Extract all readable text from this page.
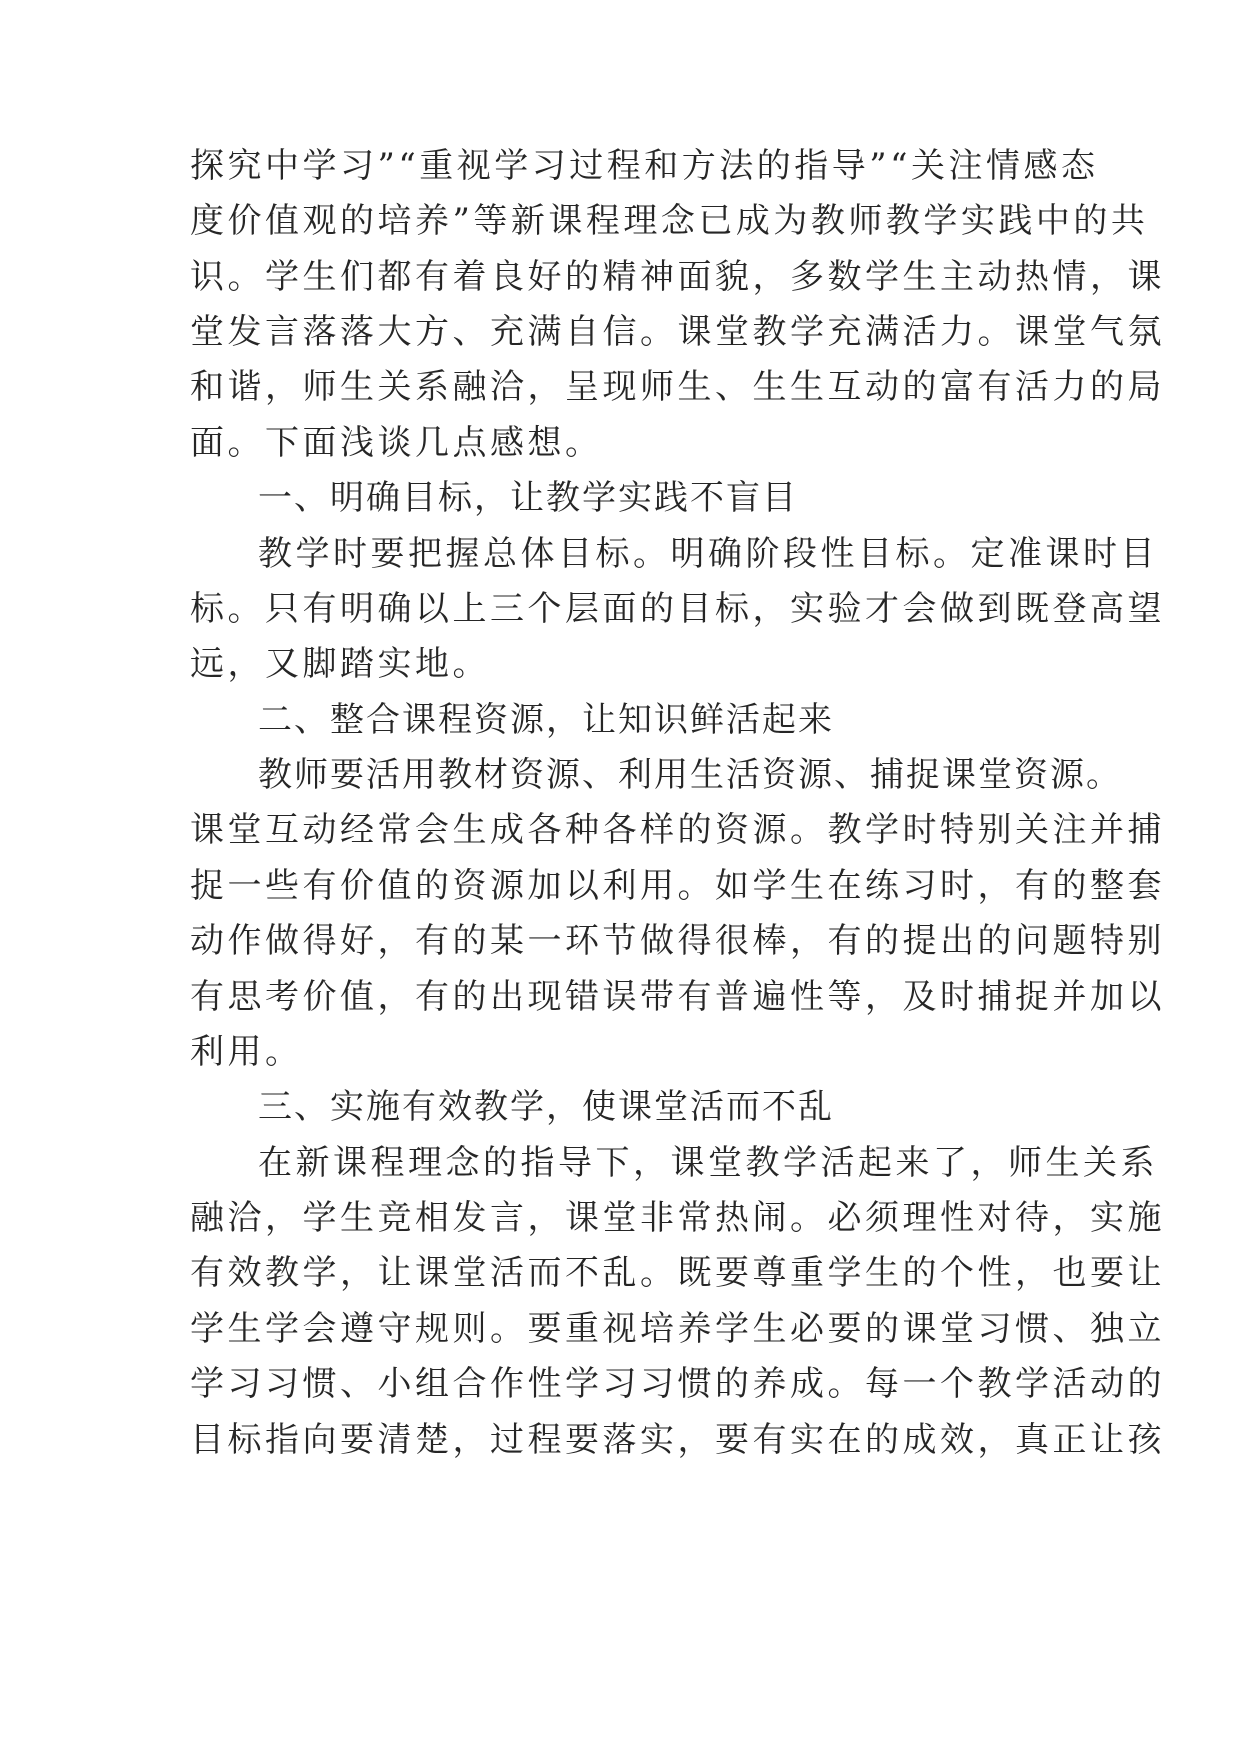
探究中学习”“重视学习过程和方法的指导”“关注情感态
度价值观的培养”等新课程理念已成为教师教学实践中的共
识。学生们都有着良好的精神面貌，多数学生主动热情，课
堂发言落落大方、充满自信。课堂教学充满活力。课堂气氛
和谐，师生关系融洽，呈现师生、生生互动的富有活力的局
面。下面浅谈几点感想。
一、明确目标，让教学实践不盲目
教学时要把握总体目标。明确阶段性目标。定准课时目
标。只有明确以上三个层面的目标，实验才会做到既登高望
远，又脚踏实地。
二、整合课程资源，让知识鲜活起来
教师要活用教材资源、利用生活资源、捕捉课堂资源。
课堂互动经常会生成各种各样的资源。教学时特别关注并捕
捉一些有价值的资源加以利用。如学生在练习时，有的整套
动作做得好，有的某一环节做得很棒，有的提出的问题特别
有思考价值，有的出现错误带有普遍性等，及时捕捉并加以
利用。
三、实施有效教学，使课堂活而不乱
在新课程理念的指导下，课堂教学活起来了，师生关系
融洽，学生竞相发言，课堂非常热闹。必须理性对待，实施
有效教学，让课堂活而不乱。既要尊重学生的个性，也要让
学生学会遵守规则。要重视培养学生必要的课堂习惯、独立
学习习惯、小组合作性学习习惯的养成。每一个教学活动的
目标指向要清楚，过程要落实，要有实在的成效，真正让孩
